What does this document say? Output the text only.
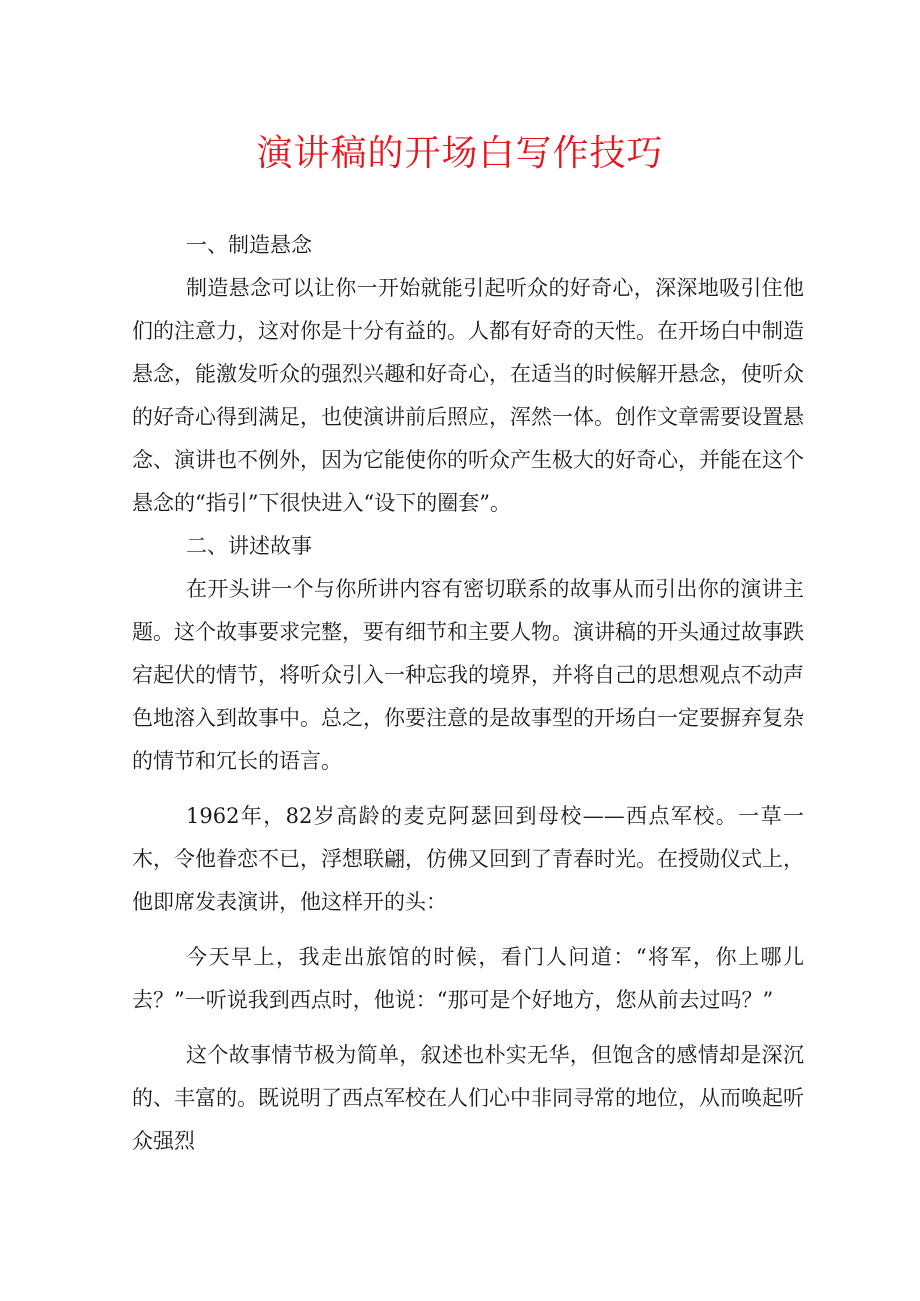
演讲稿的开场白写作技巧

一、制造悬念

制造悬念可以让你一开始就能引起听众的好奇心，深深地吸引住他们的注意力，这对你是十分有益的。人都有好奇的天性。在开场白中制造悬念，能激发听众的强烈兴趣和好奇心，在适当的时候解开悬念，使听众的好奇心得到满足，也使演讲前后照应，浑然一体。创作文章需要设置悬念、演讲也不例外，因为它能使你的听众产生极大的好奇心，并能在这个悬念的“指引”下很快进入“设下的圈套”。

二、讲述故事

在开头讲一个与你所讲内容有密切联系的故事从而引出你的演讲主题。这个故事要求完整，要有细节和主要人物。演讲稿的开头通过故事跌宕起伏的情节，将听众引入一种忘我的境界，并将自己的思想观点不动声色地溶入到故事中。总之，你要注意的是故事型的开场白一定要摒弃复杂的情节和冗长的语言。

1962年，82岁高龄的麦克阿瑟回到母校——西点军校。一草一木，令他眷恋不已，浮想联翩，仿佛又回到了青春时光。在授勋仪式上，他即席发表演讲，他这样开的头：

今天早上，我走出旅馆的时候，看门人问道：“将军，你上哪儿去？”一听说我到西点时，他说：“那可是个好地方，您从前去过吗？”

这个故事情节极为简单，叙述也朴实无华，但饱含的感情却是深沉的、丰富的。既说明了西点军校在人们心中非同寻常的地位，从而唤起听众强烈
